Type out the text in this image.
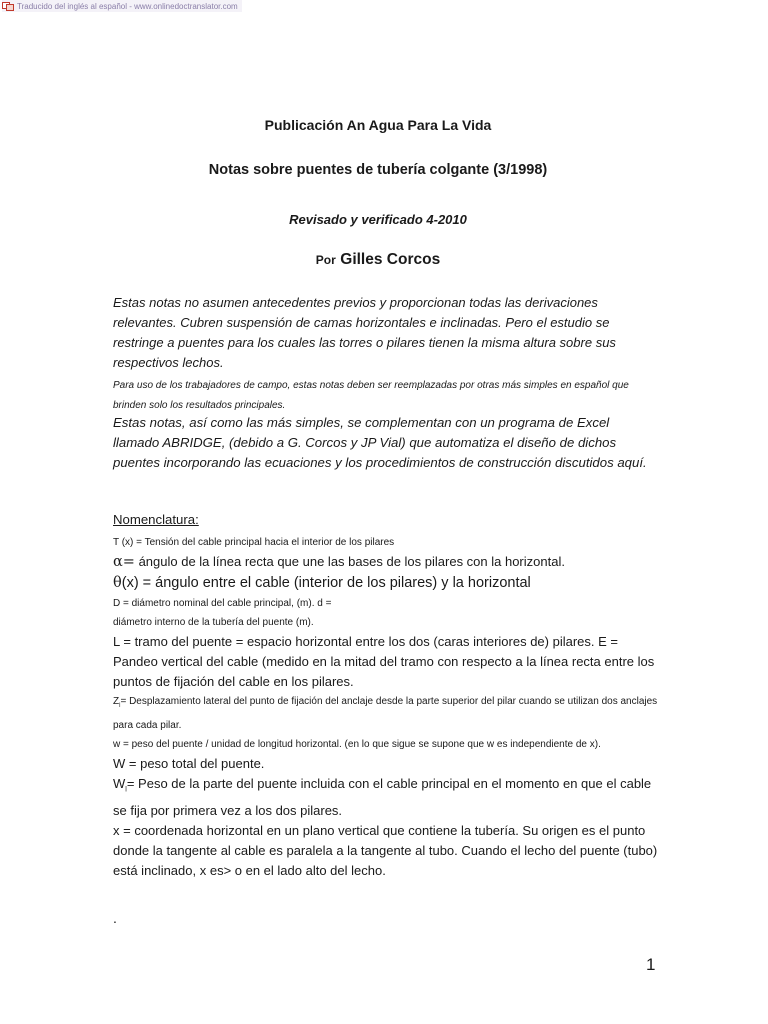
Traducido del inglés al español - www.onlinedoctranslator.com
Publicación An Agua Para La Vida
Notas sobre puentes de tubería colgante (3/1998)
Revisado y verificado 4-2010
Por Gilles Corcos
Estas notas no asumen antecedentes previos y proporcionan todas las derivaciones relevantes. Cubren suspensión de camas horizontales e inclinadas. Pero el estudio se restringe a puentes para los cuales las torres o pilares tienen la misma altura sobre sus respectivos lechos.
Para uso de los trabajadores de campo, estas notas deben ser reemplazadas por otras más simples en español que brinden solo los resultados principales.
Estas notas, así como las más simples, se complementan con un programa de Excel llamado ABRIDGE, (debido a G. Corcos y JP Vial) que automatiza el diseño de dichos puentes incorporando las ecuaciones y los procedimientos de construcción discutidos aquí.
Nomenclatura:
T (x) = Tensión del cable principal hacia el interior de los pilares
α= ángulo de la línea recta que une las bases de los pilares con la horizontal.
θ(x) = ángulo entre el cable (interior de los pilares) y la horizontal
D = diámetro nominal del cable principal, (m). d =
diámetro interno de la tubería del puente (m).
L = tramo del puente = espacio horizontal entre los dos (caras interiores de) pilares. E = Pandeo vertical del cable (medido en la mitad del tramo con respecto a la línea recta entre los puntos de fijación del cable en los pilares.
$Z_l=$ Desplazamiento lateral del punto de fijación del anclaje desde la parte superior del pilar cuando se utilizan dos anclajes para cada pilar.
w = peso del puente / unidad de longitud horizontal. (en lo que sigue se supone que w es independiente de x).
W = peso total del puente.
$W_l=$ Peso de la parte del puente incluida con el cable principal en el momento en que el cable se fija por primera vez a los dos pilares.
x = coordenada horizontal en un plano vertical que contiene la tubería. Su origen es el punto donde la tangente al cable es paralela a la tangente al tubo. Cuando el lecho del puente (tubo) está inclinado, x es> o en el lado alto del lecho.
.
1
